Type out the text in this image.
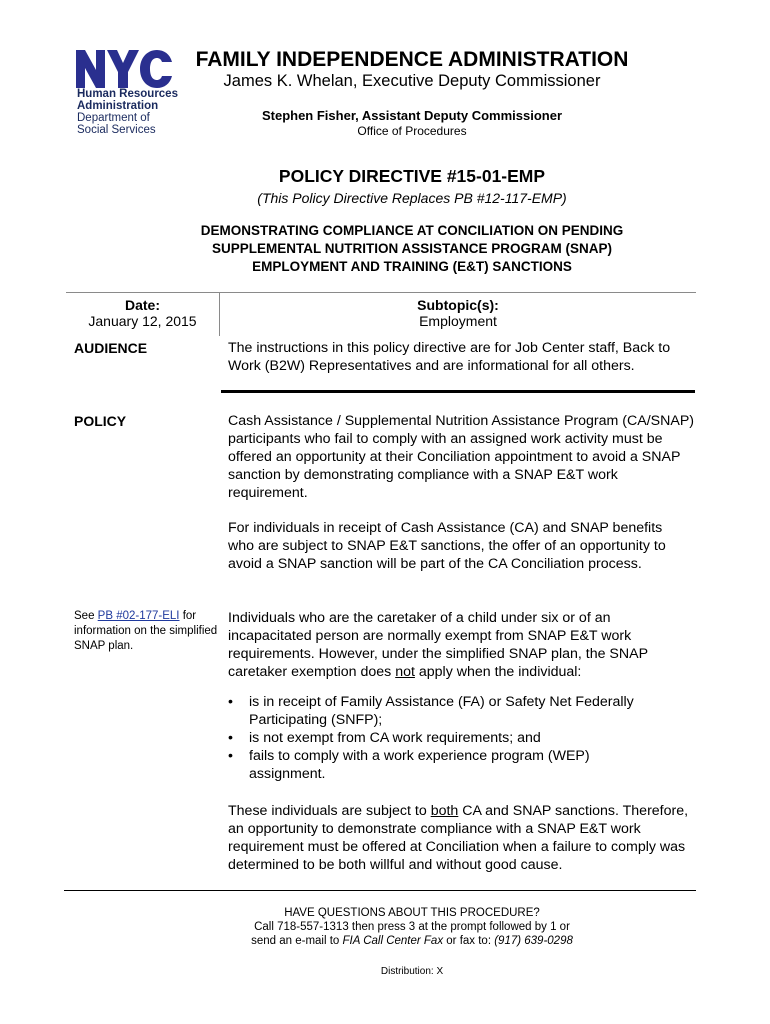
Human Resources
Administration
Department of
Social Services
FAMILY INDEPENDENCE ADMINISTRATION
James K. Whelan, Executive Deputy Commissioner
Stephen Fisher, Assistant Deputy Commissioner
Office of Procedures
POLICY DIRECTIVE #15-01-EMP
(This Policy Directive Replaces PB #12-117-EMP)
DEMONSTRATING COMPLIANCE AT CONCILIATION ON PENDING
SUPPLEMENTAL NUTRITION ASSISTANCE PROGRAM (SNAP)
EMPLOYMENT AND TRAINING (E&T) SANCTIONS
Date:
January 12, 2015
Subtopic(s):
Employment
AUDIENCE	The instructions in this policy directive are for Job Center staff, Back to Work (B2W) Representatives and are informational for all others.
POLICY	Cash Assistance / Supplemental Nutrition Assistance Program (CA/SNAP) participants who fail to comply with an assigned work activity must be offered an opportunity at their Conciliation appointment to avoid a SNAP sanction by demonstrating compliance with a SNAP E&T work requirement.
For individuals in receipt of Cash Assistance (CA) and SNAP benefits who are subject to SNAP E&T sanctions, the offer of an opportunity to avoid a SNAP sanction will be part of the CA Conciliation process.
See PB #02-177-ELI for information on the simplified SNAP plan.
Individuals who are the caretaker of a child under six or of an incapacitated person are normally exempt from SNAP E&T work requirements. However, under the simplified SNAP plan, the SNAP caretaker exemption does not apply when the individual:
• is in receipt of Family Assistance (FA) or Safety Net Federally Participating (SNFP);
• is not exempt from CA work requirements; and
• fails to comply with a work experience program (WEP) assignment.
These individuals are subject to both CA and SNAP sanctions. Therefore, an opportunity to demonstrate compliance with a SNAP E&T work requirement must be offered at Conciliation when a failure to comply was determined to be both willful and without good cause.
HAVE QUESTIONS ABOUT THIS PROCEDURE?
Call 718-557-1313 then press 3 at the prompt followed by 1 or
send an e-mail to FIA Call Center Fax or fax to: (917) 639-0298
Distribution: X
